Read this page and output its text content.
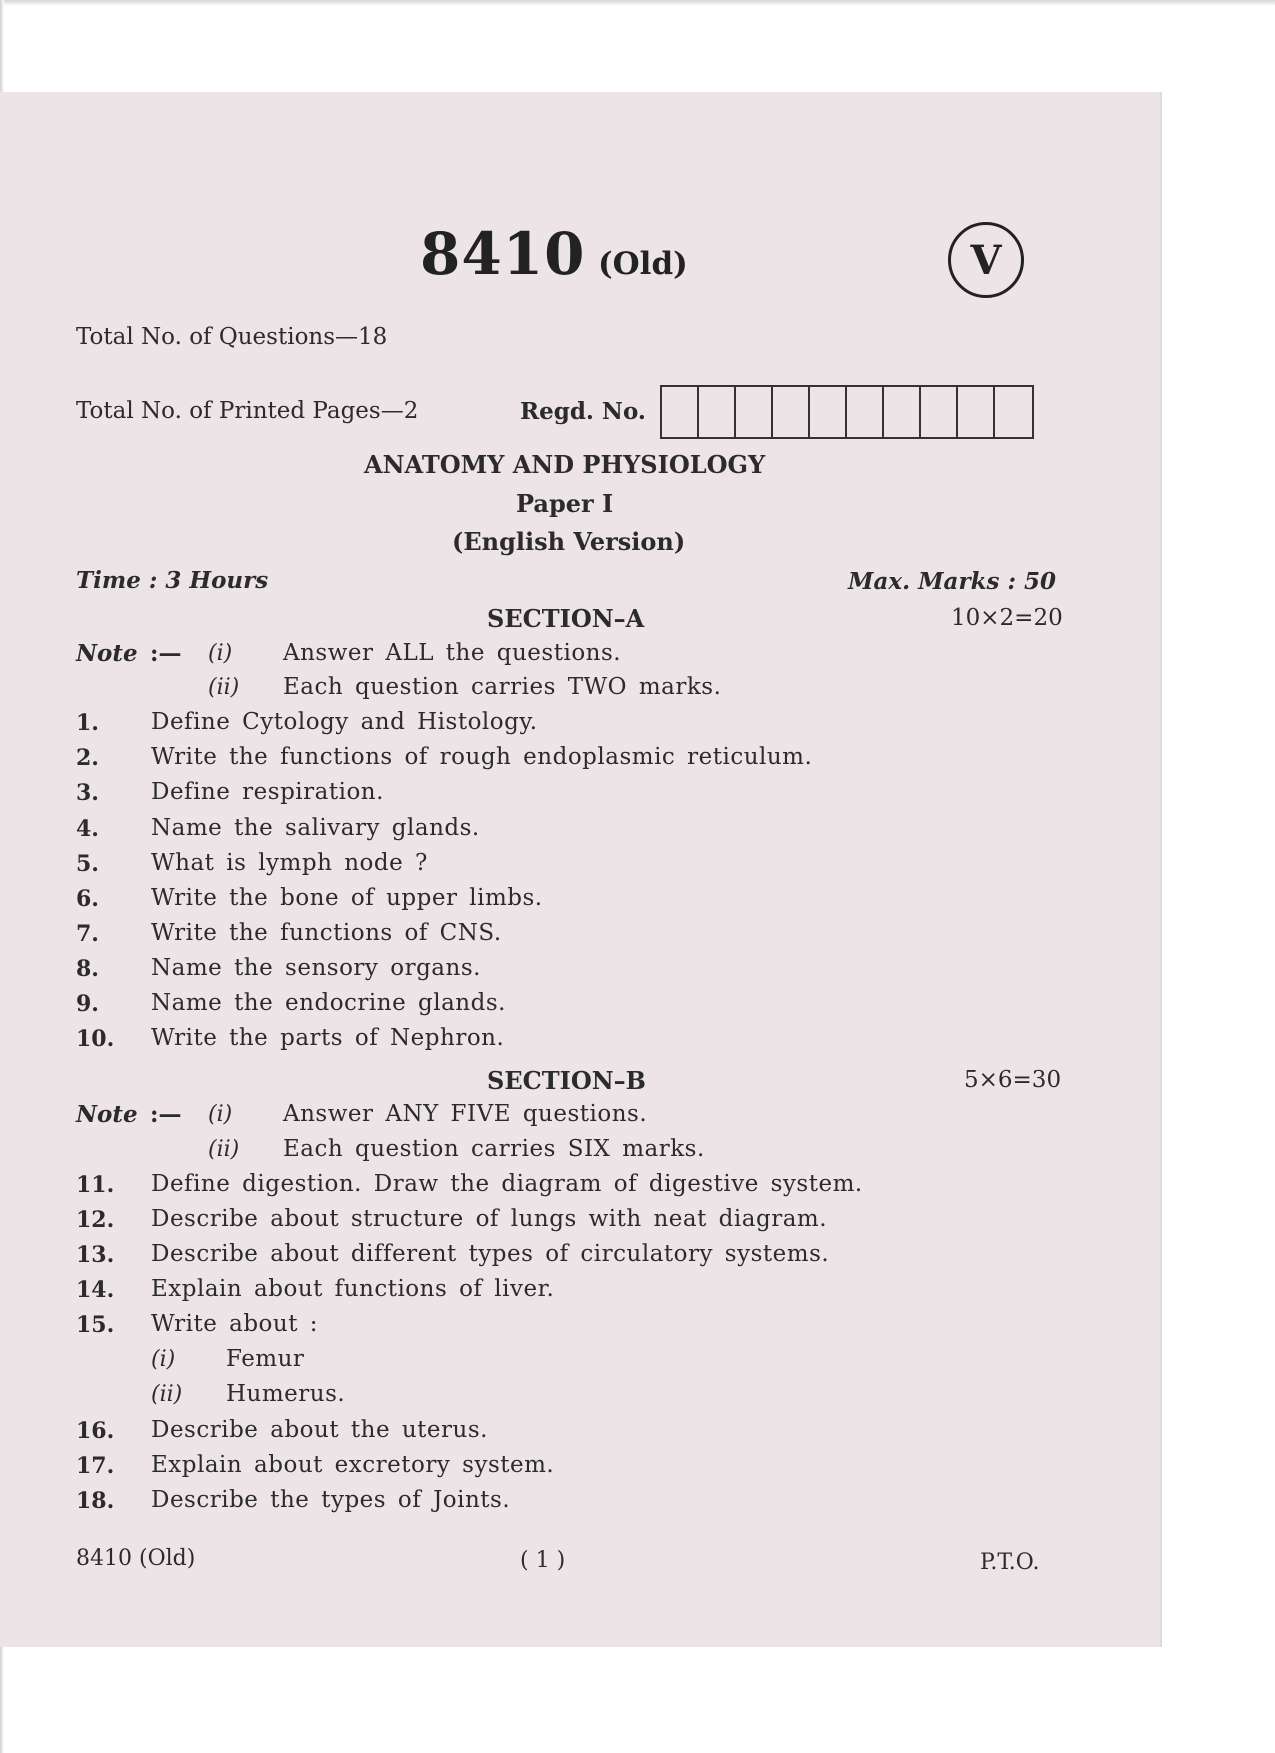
8410 (Old)	V
Total No. of Questions—18
Total No. of Printed Pages—2	Regd. No.
ANATOMY AND PHYSIOLOGY
Paper I
(English Version)
Time : 3 Hours	Max. Marks : 50
SECTION–A	10×2=20
Note :— (i) Answer ALL the questions.
(ii) Each question carries TWO marks.
1. Define Cytology and Histology.
2. Write the functions of rough endoplasmic reticulum.
3. Define respiration.
4. Name the salivary glands.
5. What is lymph node ?
6. Write the bone of upper limbs.
7. Write the functions of CNS.
8. Name the sensory organs.
9. Name the endocrine glands.
10. Write the parts of Nephron.
SECTION–B	5×6=30
Note :— (i) Answer ANY FIVE questions.
(ii) Each question carries SIX marks.
11. Define digestion. Draw the diagram of digestive system.
12. Describe about structure of lungs with neat diagram.
13. Describe about different types of circulatory systems.
14. Explain about functions of liver.
15. Write about :
(i) Femur
(ii) Humerus.
16. Describe about the uterus.
17. Explain about excretory system.
18. Describe the types of Joints.
8410 (Old)	( 1 )	P.T.O.
